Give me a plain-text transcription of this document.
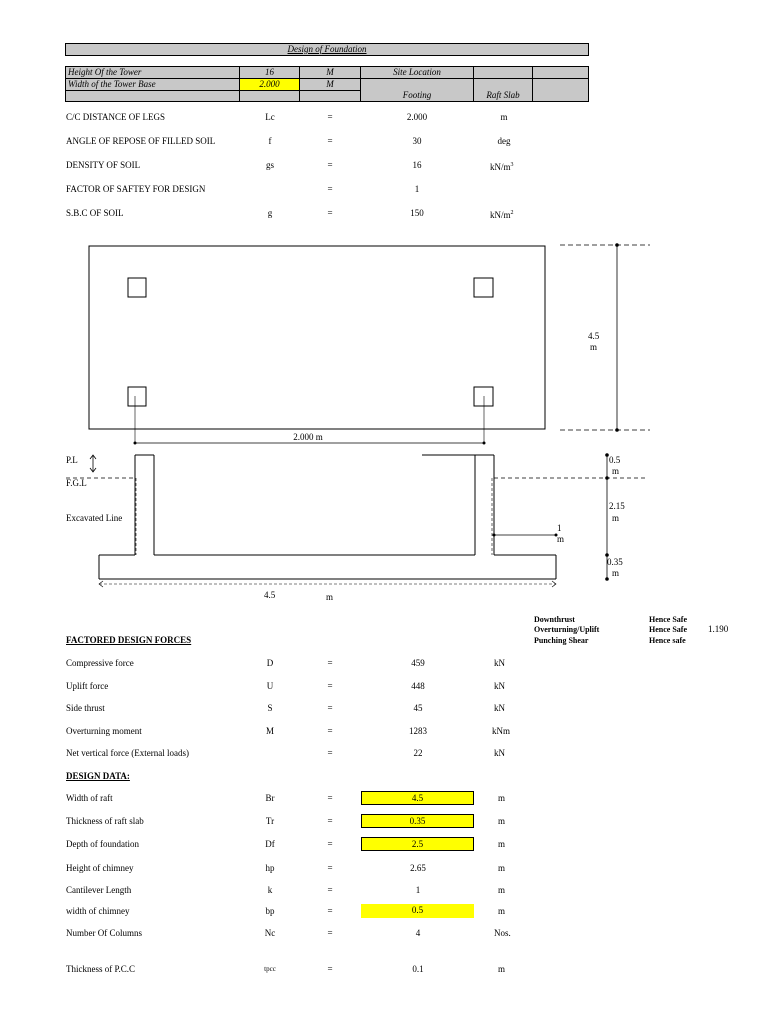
Design of Foundation
Height Of the Tower	16	M	Site Location
Width of the Tower Base	2.000	M
Footing	Raft Slab
C/C DISTANCE OF LEGS	Lc	=	2.000	m
ANGLE OF REPOSE OF FILLED SOIL	f	=	30	deg
DENSITY OF SOIL	gs	=	16	$kN/m^3$
FACTOR OF SAFTEY FOR DESIGN	=	1
S.B.C OF SOIL	g	=	150	$kN/m^2$
4.5
m
2.000 m
P.L
F.G.L
Excavated Line
1
m
0.5
m
2.15
m
0.35
m
4.5	m
Downthrust	Hence Safe
Overturning/Uplift	Hence Safe 1.190
Punching Shear	Hence safe
FACTORED DESIGN FORCES
Compressive force	D	=	459	kN
Uplift force	U	=	448	kN
Side thrust	S	=	45	kN
Overturning moment	M	=	1283	kNm
Net vertical force (External loads)	=	22	kN
DESIGN DATA:
Width of raft	Br	=	4.5	m
Thickness of raft slab	Tr	=	0.35	m
Depth of foundation	Df	=	2.5	m
Height of chimney	hp	=	2.65	m
Cantilever Length	k	=	1	m
width of chimney	bp	=	0.5	m
Number Of Columns	Nc	=	4	Nos.
Thickness of P.C.C	tpcc	=	0.1	m
